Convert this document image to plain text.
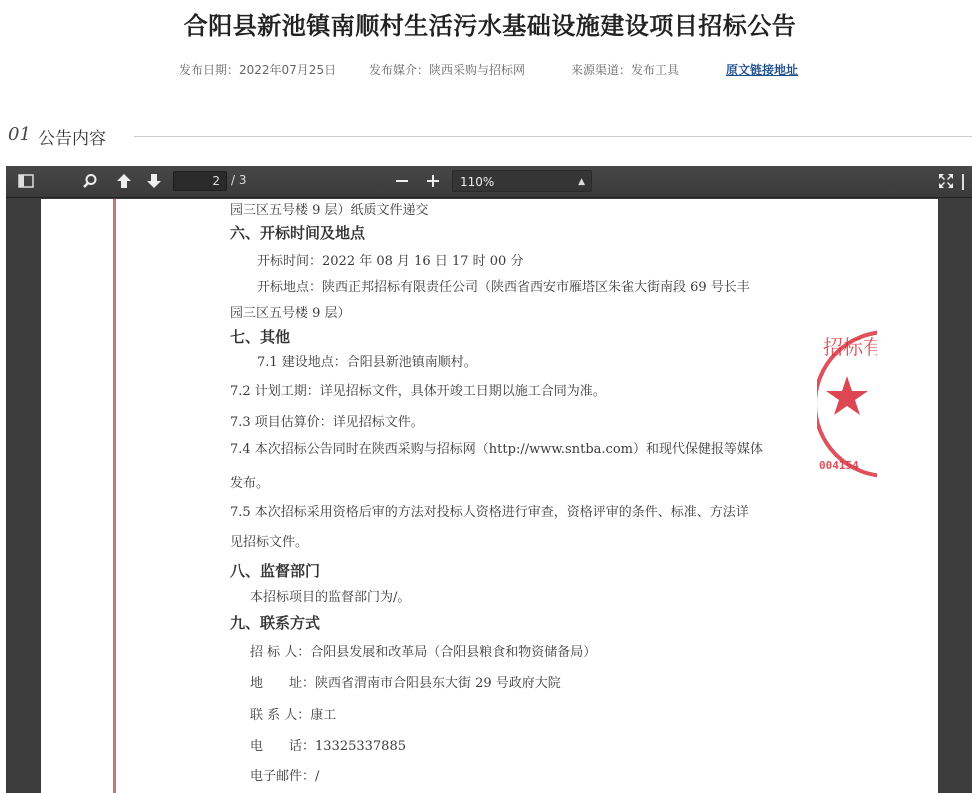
合阳县新池镇南顺村生活污水基础设施建设项目招标公告
发布日期：2022年07月25日	发布媒介：陕西采购与招标网	来源渠道：发布工具	原文链接地址
01 公告内容
2 / 3	110%	▲

园三区五号楼 9 层）纸质文件递交
六、开标时间及地点
开标时间：2022 年 08 月 16 日 17 时 00 分
开标地点：陕西正邦招标有限责任公司（陕西省西安市雁塔区朱雀大街南段 69 号长丰
园三区五号楼 9 层）
七、其他
7.1 建设地点：合阳县新池镇南顺村。
7.2 计划工期：详见招标文件，具体开竣工日期以施工合同为准。
7.3 项目估算价：详见招标文件。
7.4 本次招标公告同时在陕西采购与招标网（http://www.sntba.com）和现代保健报等媒体
发布。
7.5 本次招标采用资格后审的方法对投标人资格进行审查，资格评审的条件、标准、方法详
见招标文件。
八、监督部门
本招标项目的监督部门为/。
九、联系方式
招 标 人：合阳县发展和改革局（合阳县粮食和物资储备局）
地　　址：陕西省渭南市合阳县东大街 29 号政府大院
联 系 人：康工
电　　话：13325337885
电子邮件：/
招标有
004154
